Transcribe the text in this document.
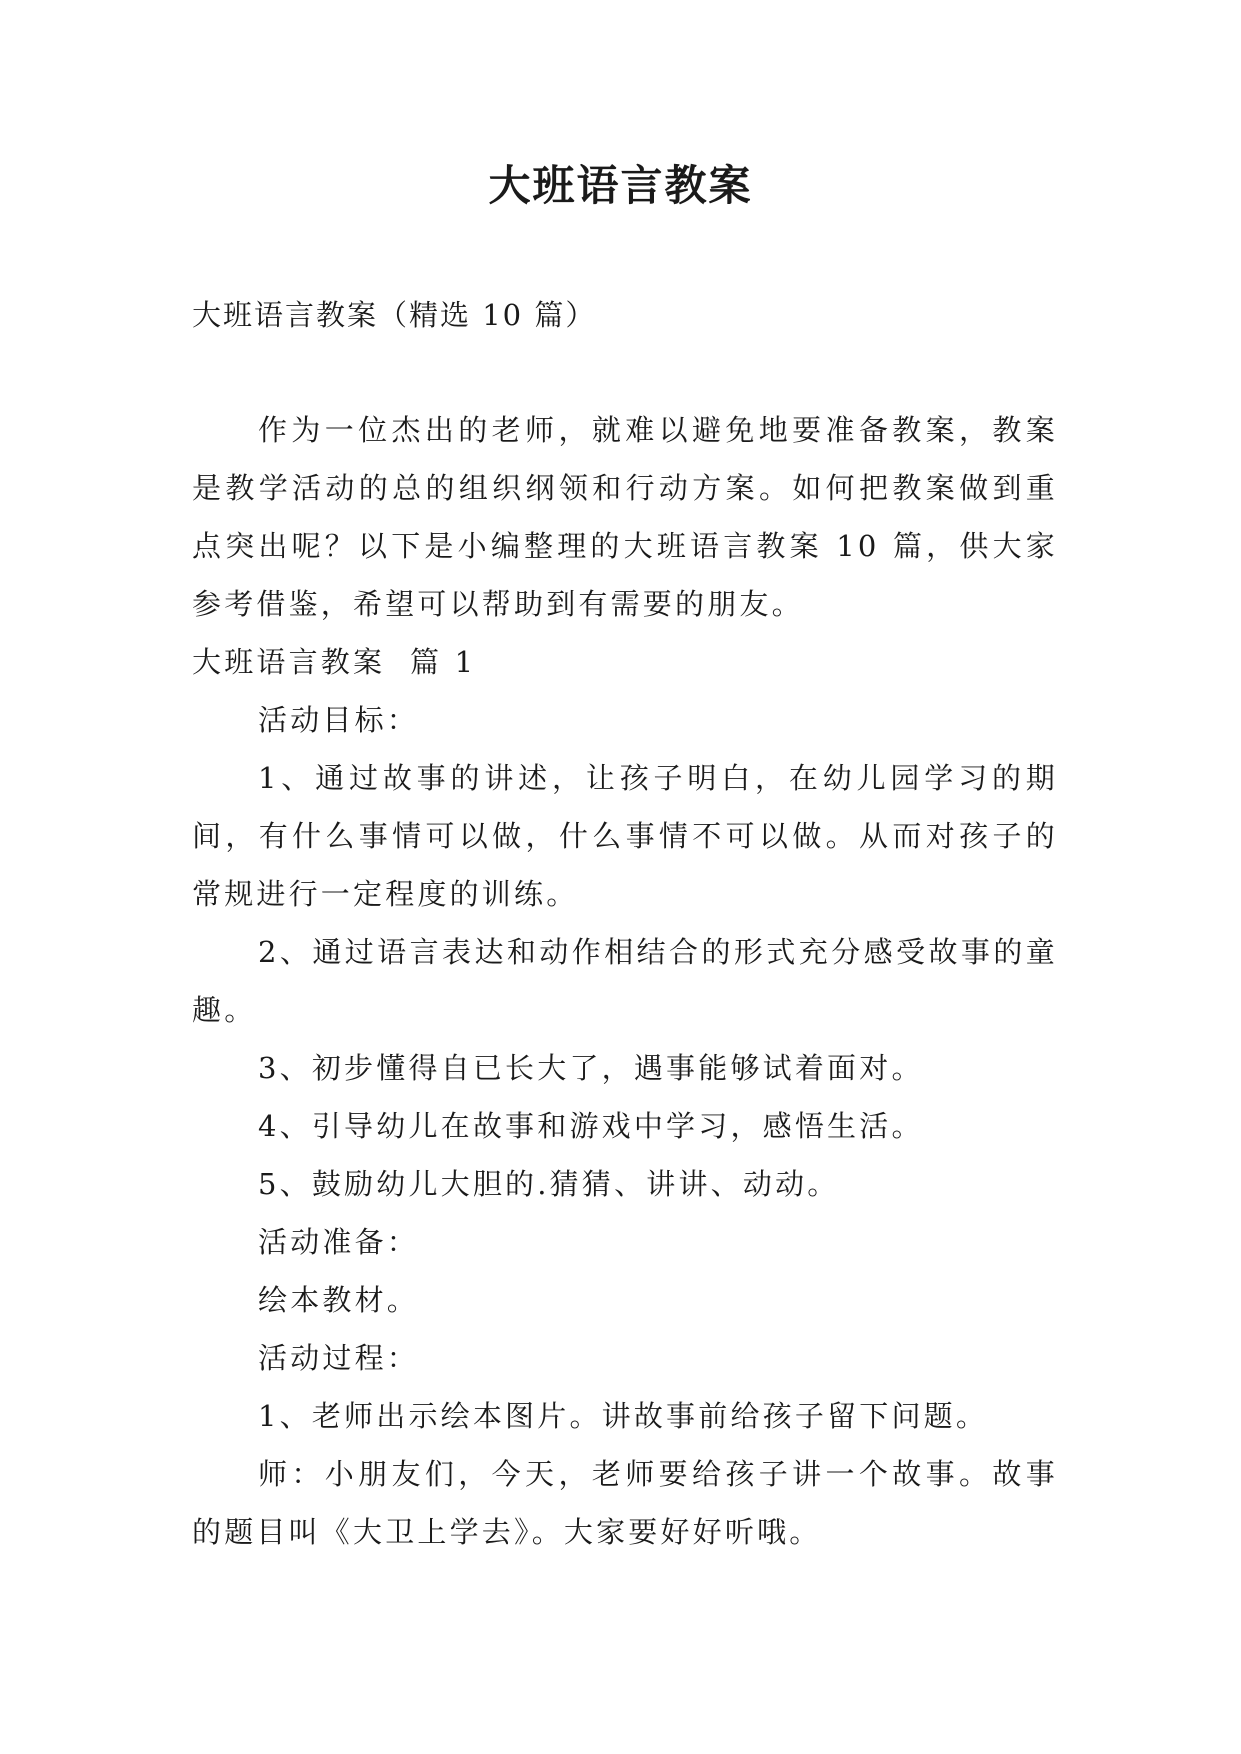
大班语言教案

大班语言教案（精选 10 篇）

作为一位杰出的老师，就难以避免地要准备教案，教案是教学活动的总的组织纲领和行动方案。如何把教案做到重点突出呢？以下是小编整理的大班语言教案 10 篇，供大家参考借鉴，希望可以帮助到有需要的朋友。

大班语言教案  篇 1

活动目标：

1、通过故事的讲述，让孩子明白，在幼儿园学习的期间，有什么事情可以做，什么事情不可以做。从而对孩子的常规进行一定程度的训练。

2、通过语言表达和动作相结合的形式充分感受故事的童趣。

3、初步懂得自已长大了，遇事能够试着面对。

4、引导幼儿在故事和游戏中学习，感悟生活。

5、鼓励幼儿大胆的.猜猜、讲讲、动动。

活动准备：

绘本教材。

活动过程：

1、老师出示绘本图片。讲故事前给孩子留下问题。

师：小朋友们，今天，老师要给孩子讲一个故事。故事的题目叫《大卫上学去》。大家要好好听哦。
